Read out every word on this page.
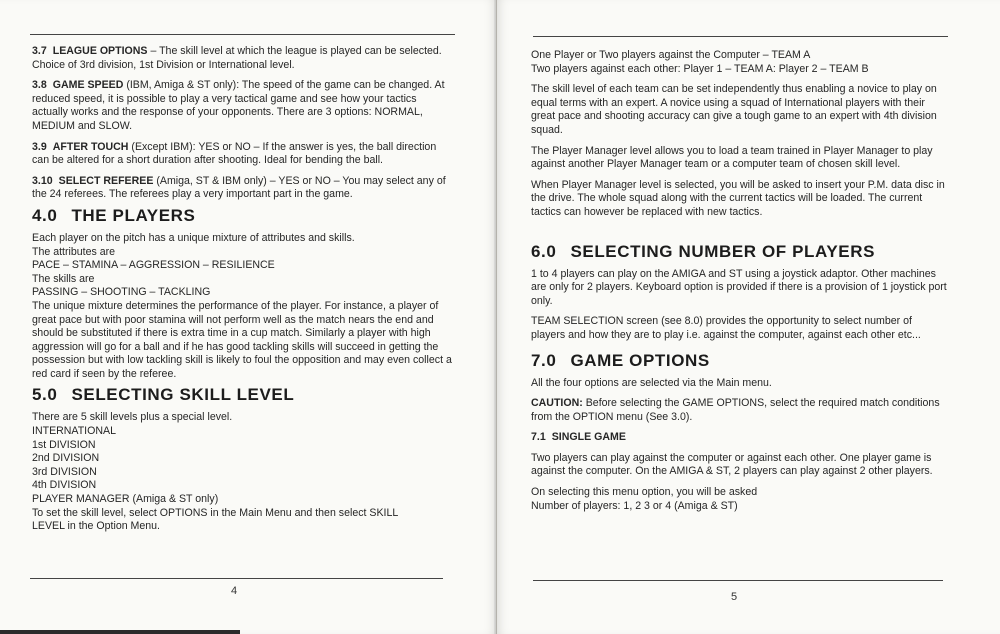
3.7 LEAGUE OPTIONS – The skill level at which the league is played can be selected. Choice of 3rd division, 1st Division or International level.

3.8 GAME SPEED (IBM, Amiga & ST only): The speed of the game can be changed. At reduced speed, it is possible to play a very tactical game and see how your tactics actually works and the response of your opponents. There are 3 options: NORMAL, MEDIUM and SLOW.

3.9 AFTER TOUCH (Except IBM): YES or NO – If the answer is yes, the ball direction can be altered for a short duration after shooting. Ideal for bending the ball.

3.10 SELECT REFEREE (Amiga, ST & IBM only) – YES or NO – You may select any of the 24 referees. The referees play a very important part in the game.

4.0 THE PLAYERS
Each player on the pitch has a unique mixture of attributes and skills.
The attributes are
PACE – STAMINA – AGGRESSION – RESILIENCE
The skills are
PASSING – SHOOTING – TACKLING

The unique mixture determines the performance of the player. For instance, a player of great pace but with poor stamina will not perform well as the match nears the end and should be substituted if there is extra time in a cup match. Similarly a player with high aggression will go for a ball and if he has good tackling skills will succeed in getting the possession but with low tackling skill is likely to foul the opposition and may even collect a red card if seen by the referee.

5.0 SELECTING SKILL LEVEL
There are 5 skill levels plus a special level.
INTERNATIONAL
1st DIVISION
2nd DIVISION
3rd DIVISION
4th DIVISION
PLAYER MANAGER (Amiga & ST only)
To set the skill level, select OPTIONS in the Main Menu and then select SKILL
LEVEL in the Option Menu.
4
One Player or Two players against the Computer – TEAM A
Two players against each other: Player 1 – TEAM A: Player 2 – TEAM B

The skill level of each team can be set independently thus enabling a novice to play on equal terms with an expert. A novice using a squad of International players with their great pace and shooting accuracy can give a tough game to an expert with 4th division squad.

The Player Manager level allows you to load a team trained in Player Manager to play against another Player Manager team or a computer team of chosen skill level.

When Player Manager level is selected, you will be asked to insert your P.M. data disc in the drive. The whole squad along with the current tactics will be loaded. The current tactics can however be replaced with new tactics.

6.0 SELECTING NUMBER OF PLAYERS

1 to 4 players can play on the AMIGA and ST using a joystick adaptor. Other machines are only for 2 players. Keyboard option is provided if there is a provision of 1 joystick port only.

TEAM SELECTION screen (see 8.0) provides the opportunity to select number of players and how they are to play i.e. against the computer, against each other etc...

7.0 GAME OPTIONS

All the four options are selected via the Main menu.

CAUTION: Before selecting the GAME OPTIONS, select the required match conditions from the OPTION menu (See 3.0).

7.1 SINGLE GAME

Two players can play against the computer or against each other. One player game is against the computer. On the AMIGA & ST, 2 players can play against 2 other players.

On selecting this menu option, you will be asked
Number of players: 1, 2 3 or 4 (Amiga & ST)
5
